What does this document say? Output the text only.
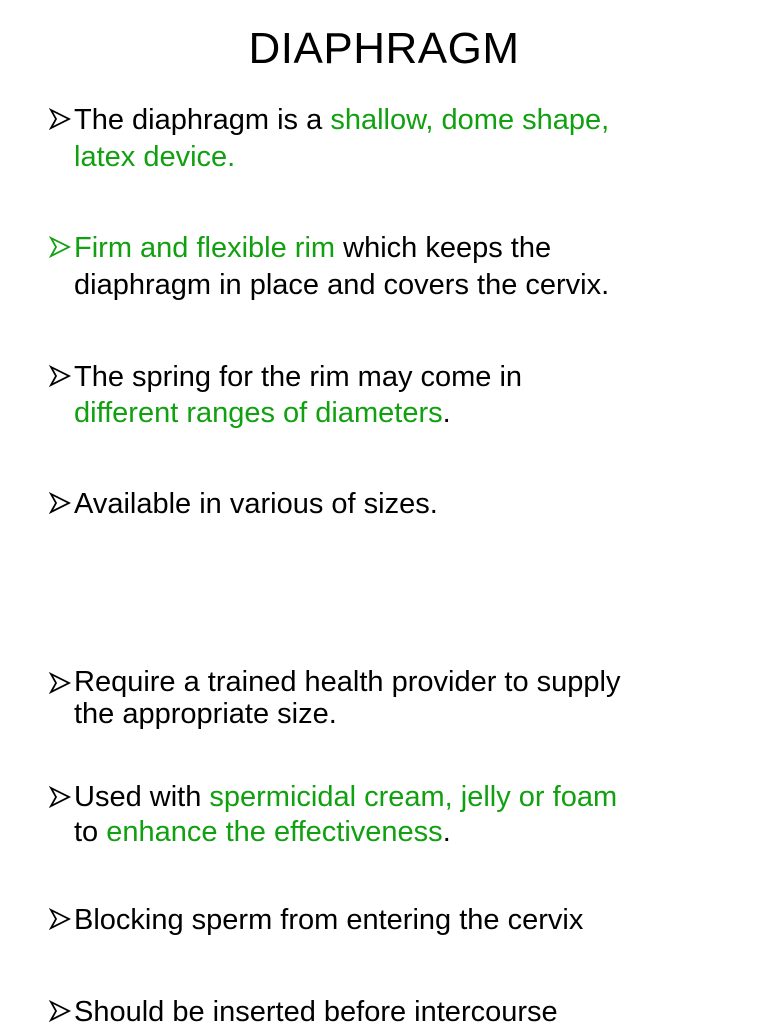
DIAPHRAGM
The diaphragm is a shallow, dome shape,
latex device.
Firm and flexible rim which keeps the
diaphragm in place and covers the cervix.
The spring for the rim may come in
different ranges of diameters.
Available in various of sizes.
Require a trained health provider to supply
the appropriate size.
Used with spermicidal cream, jelly or foam
to enhance the effectiveness.
Blocking sperm from entering the cervix
Should be inserted before intercourse
